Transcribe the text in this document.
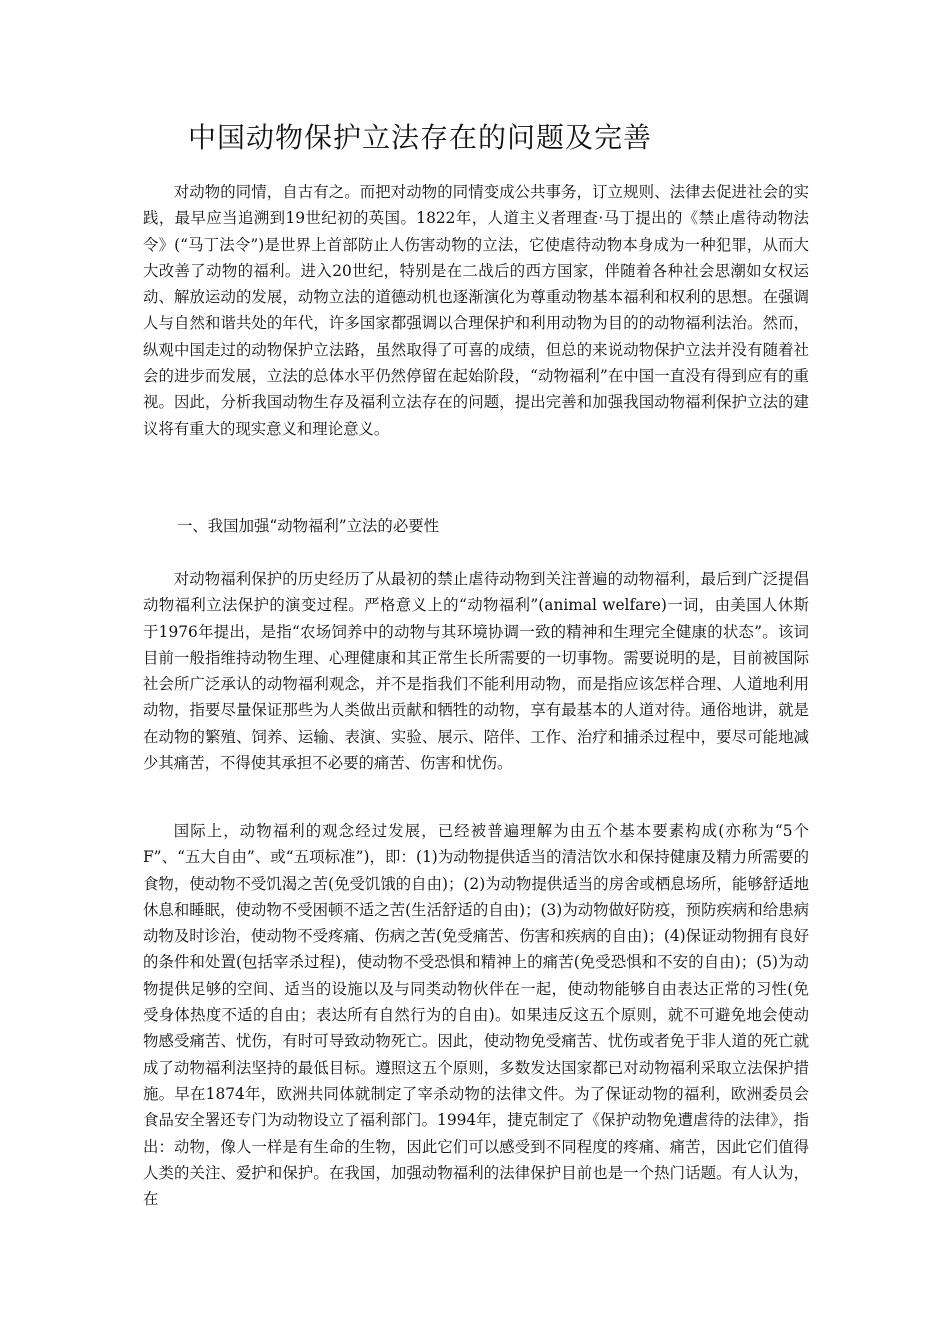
中国动物保护立法存在的问题及完善

对动物的同情，自古有之。而把对动物的同情变成公共事务，订立规则、法律去促进社会的实践，最早应当追溯到19世纪初的英国。1822年，人道主义者理查·马丁提出的《禁止虐待动物法令》(“马丁法令”)是世界上首部防止人伤害动物的立法，它使虐待动物本身成为一种犯罪，从而大大改善了动物的福利。进入20世纪，特别是在二战后的西方国家，伴随着各种社会思潮如女权运动、解放运动的发展，动物立法的道德动机也逐渐演化为尊重动物基本福利和权利的思想。在强调人与自然和谐共处的年代，许多国家都强调以合理保护和利用动物为目的的动物福利法治。然而，纵观中国走过的动物保护立法路，虽然取得了可喜的成绩，但总的来说动物保护立法并没有随着社会的进步而发展，立法的总体水平仍然停留在起始阶段，“动物福利”在中国一直没有得到应有的重视。因此，分析我国动物生存及福利立法存在的问题，提出完善和加强我国动物福利保护立法的建议将有重大的现实意义和理论意义。

一、我国加强“动物福利”立法的必要性

对动物福利保护的历史经历了从最初的禁止虐待动物到关注普遍的动物福利，最后到广泛提倡动物福利立法保护的演变过程。严格意义上的“动物福利”(animal welfare)一词，由美国人休斯于1976年提出，是指“农场饲养中的动物与其环境协调一致的精神和生理完全健康的状态”。该词目前一般指维持动物生理、心理健康和其正常生长所需要的一切事物。需要说明的是，目前被国际社会所广泛承认的动物福利观念，并不是指我们不能利用动物，而是指应该怎样合理、人道地利用动物，指要尽量保证那些为人类做出贡献和牺牲的动物，享有最基本的人道对待。通俗地讲，就是在动物的繁殖、饲养、运输、表演、实验、展示、陪伴、工作、治疗和捕杀过程中，要尽可能地减少其痛苦，不得使其承担不必要的痛苦、伤害和忧伤。

国际上，动物福利的观念经过发展，已经被普遍理解为由五个基本要素构成(亦称为“5个F”、“五大自由”、或“五项标准”)，即：(1)为动物提供适当的清洁饮水和保持健康及精力所需要的食物，使动物不受饥渴之苦(免受饥饿的自由)；(2)为动物提供适当的房舍或栖息场所，能够舒适地休息和睡眠，使动物不受困顿不适之苦(生活舒适的自由)；(3)为动物做好防疫，预防疾病和给患病动物及时诊治，使动物不受疼痛、伤病之苦(免受痛苦、伤害和疾病的自由)；(4)保证动物拥有良好的条件和处置(包括宰杀过程)，使动物不受恐惧和精神上的痛苦(免受恐惧和不安的自由)；(5)为动物提供足够的空间、适当的设施以及与同类动物伙伴在一起，使动物能够自由表达正常的习性(免受身体热度不适的自由；表达所有自然行为的自由)。如果违反这五个原则，就不可避免地会使动物感受痛苦、忧伤，有时可导致动物死亡。因此，使动物免受痛苦、忧伤或者免于非人道的死亡就成了动物福利法坚持的最低目标。遵照这五个原则，多数发达国家都已对动物福利采取立法保护措施。早在1874年，欧洲共同体就制定了宰杀动物的法律文件。为了保证动物的福利，欧洲委员会食品安全署还专门为动物设立了福利部门。1994年，捷克制定了《保护动物免遭虐待的法律》，指出：动物，像人一样是有生命的生物，因此它们可以感受到不同程度的疼痛、痛苦，因此它们值得人类的关注、爱护和保护。在我国，加强动物福利的法律保护目前也是一个热门话题。有人认为，在
